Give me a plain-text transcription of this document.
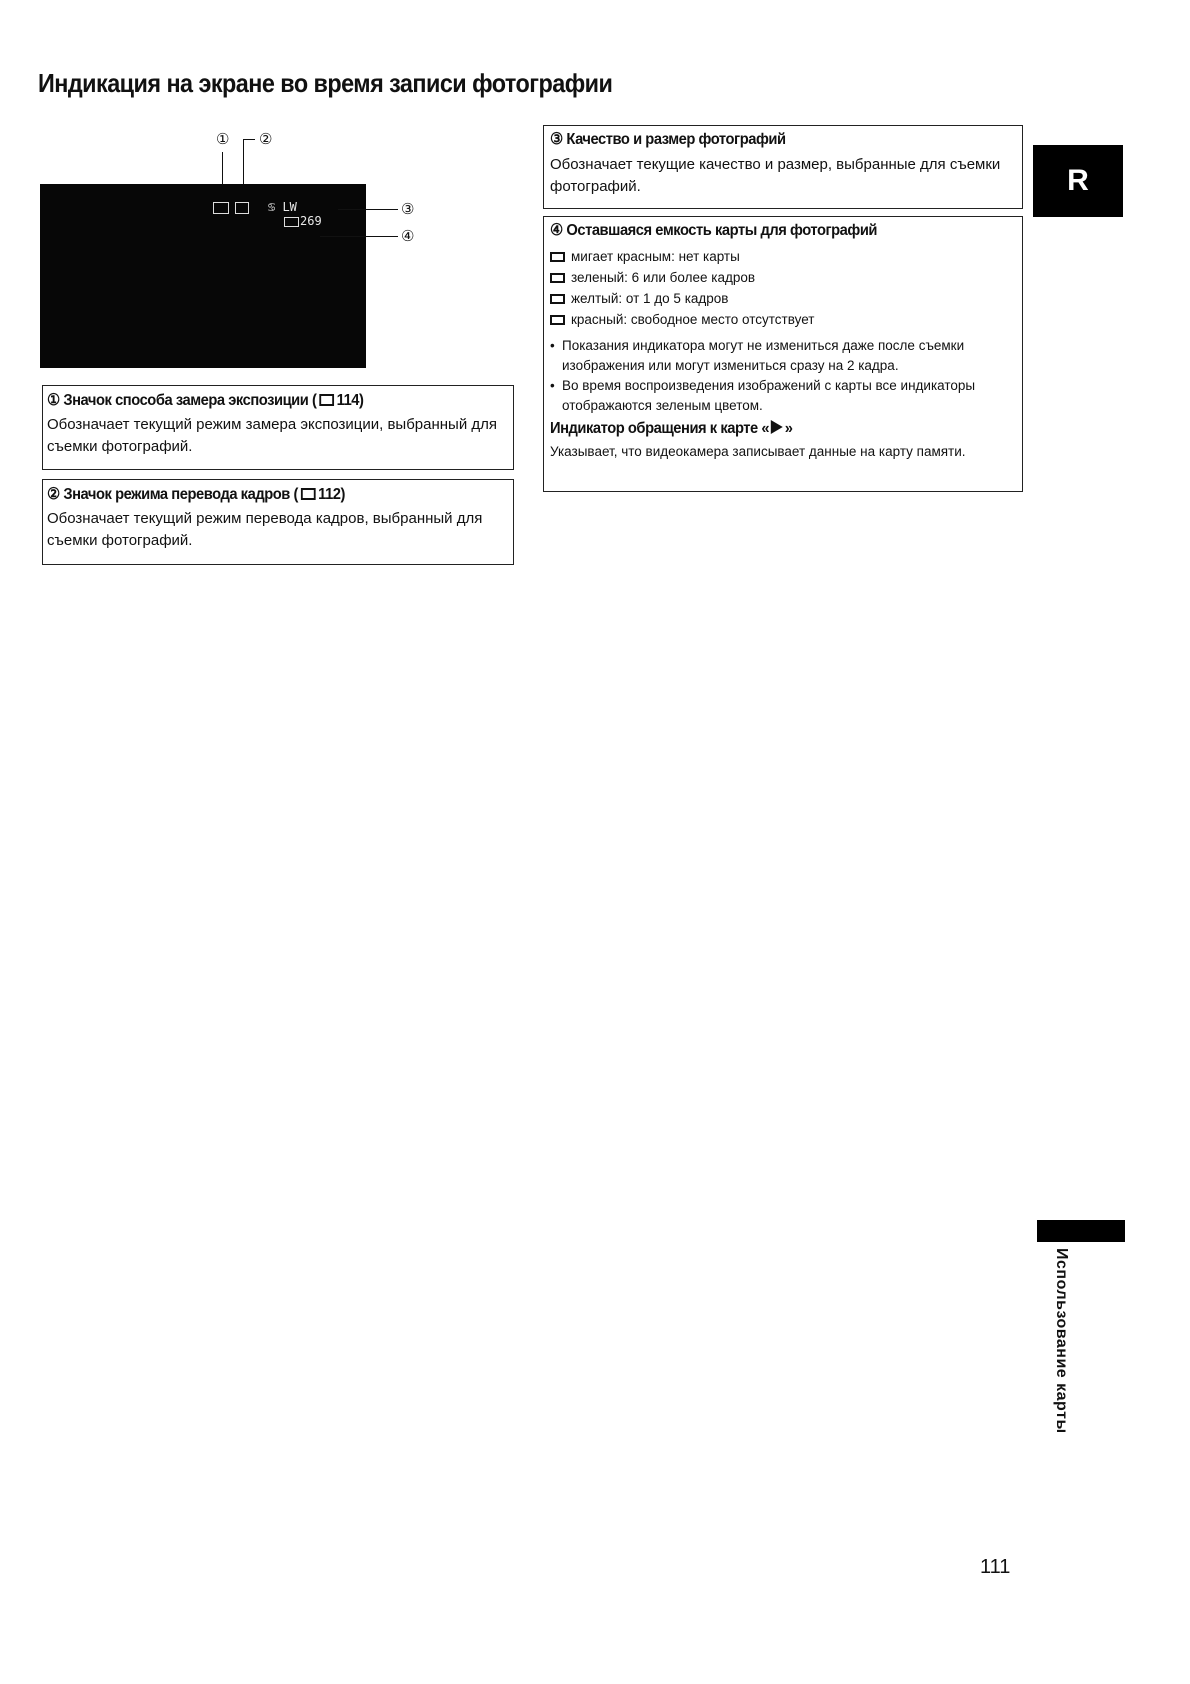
Индикация на экране во время записи фотографии
① ②
♋ LW
269
③
④
① Значок способа замера экспозиции ( 114)
Обозначает текущий режим замера экспозиции, выбранный для съемки фотографий.
② Значок режима перевода кадров ( 112)
Обозначает текущий режим перевода кадров, выбранный для съемки фотографий.
③ Качество и размер фотографий
Обозначает текущие качество и размер, выбранные для съемки фотографий.
④ Оставшаяся емкость карты для фотографий
мигает красным: нет карты
зеленый: 6 или более кадров
желтый: от 1 до 5 кадров
красный: свободное место отсутствует
• Показания индикатора могут не измениться даже после съемки изображения или могут измениться сразу на 2 кадра.
• Во время воспроизведения изображений с карты все индикаторы отображаются зеленым цветом.
Индикатор обращения к карте « »
Указывает, что видеокамера записывает данные на карту памяти.
R
Использование карты
111
